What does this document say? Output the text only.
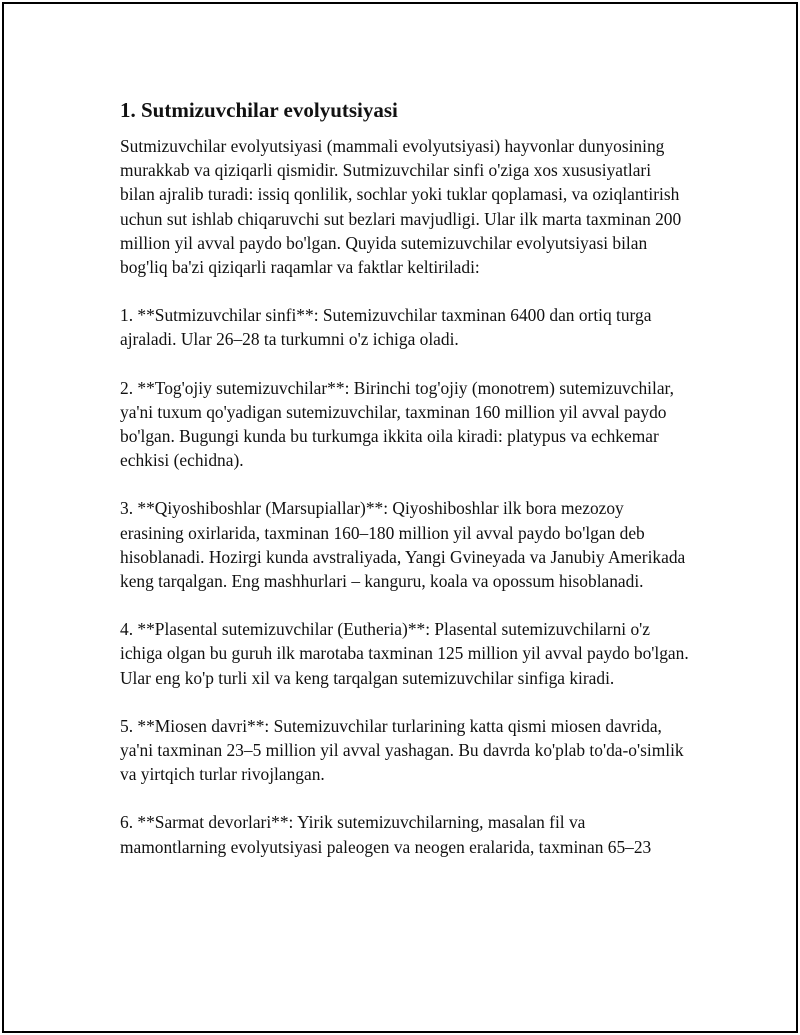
1. Sutmizuvchilar evolyutsiyasi

Sutmizuvchilar evolyutsiyasi (mammali evolyutsiyasi) hayvonlar dunyosining murakkab va qiziqarli qismidir. Sutmizuvchilar sinfi o'ziga xos xususiyatlari bilan ajralib turadi: issiq qonlilik, sochlar yoki tuklar qoplamasi, va oziqlantirish uchun sut ishlab chiqaruvchi sut bezlari mavjudligi. Ular ilk marta taxminan 200 million yil avval paydo bo'lgan. Quyida sutemizuvchilar evolyutsiyasi bilan bog'liq ba'zi qiziqarli raqamlar va faktlar keltiriladi:

1. **Sutmizuvchilar sinfi**: Sutemizuvchilar taxminan 6400 dan ortiq turga ajraladi. Ular 26–28 ta turkumni o'z ichiga oladi.

2. **Tog'ojiy sutemizuvchilar**: Birinchi tog'ojiy (monotrem) sutemizuvchilar, ya'ni tuxum qo'yadigan sutemizuvchilar, taxminan 160 million yil avval paydo bo'lgan. Bugungi kunda bu turkumga ikkita oila kiradi: platypus va echkemar echkisi (echidna).

3. **Qiyoshiboshlar (Marsupiallar)**: Qiyoshiboshlar ilk bora mezozoy erasining oxirlarida, taxminan 160–180 million yil avval paydo bo'lgan deb hisoblanadi. Hozirgi kunda avstraliyada, Yangi Gvineyada va Janubiy Amerikada keng tarqalgan. Eng mashhurlari – kanguru, koala va opossum hisoblanadi.

4. **Plasental sutemizuvchilar (Eutheria)**: Plasental sutemizuvchilarni o'z ichiga olgan bu guruh ilk marotaba taxminan 125 million yil avval paydo bo'lgan. Ular eng ko'p turli xil va keng tarqalgan sutemizuvchilar sinfiga kiradi.

5. **Miosen davri**: Sutemizuvchilar turlarining katta qismi miosen davrida, ya'ni taxminan 23–5 million yil avval yashagan. Bu davrda ko'plab to'da-o'simlik va yirtqich turlar rivojlangan.

6. **Sarmat devorlari**: Yirik sutemizuvchilarning, masalan fil va mamontlarning evolyutsiyasi paleogen va neogen eralarida, taxminan 65–23
